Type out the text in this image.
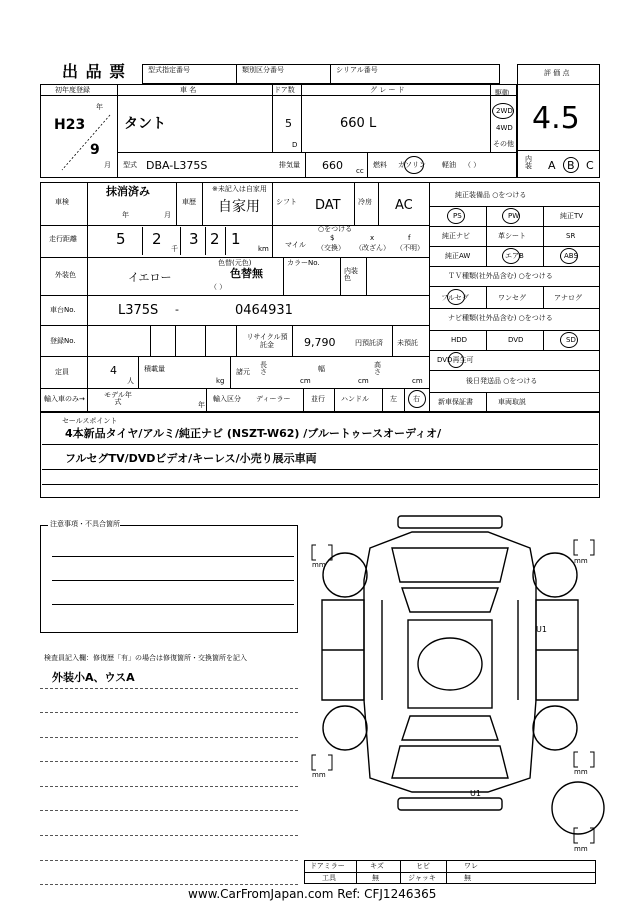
出 品 票	型式指定番号	類別区分番号	シリアル番号	評 価 点
4.5
内装 A B C
初年度登録
年
月
H23
9
車 名
タント
ドア数
5
D
グ レ ー ド
660 L
駆動
2WD
4WD
その他
型式 DBA-L375S	排気量 660 cc
燃料 ガソリン 軽油 （ ）
車検
抹消済み
年	月
車歴
※未記入は自家用
自家用 シフト DAT 冷房 AC
走行距離	5 2
千
3 2 1
km
○をつける
マイル
$
（交換）
x
（改ざん）
f
（不明）
外装色	イエロー
色替(元色)
色替無
（ ）
カラーNo.
内装色
車台No.	L375S -	0464931
登録No.	リサイクル預託金	9,790	円預託済 未預託
定員	4
人
積載量
kg
諸元
長さ
cm
幅
cm
高さ
cm
輸入車のみ→	モデル年式	年
輸入区分 ディーラー	並行 ハンドル	左 右
純正装備品 ○をつける
PS	PW	純正TV
純正ナビ	革シート	SR
純正AW	エアB	ABS
ＴＶ種類(社外品含む) ○をつける
フルセグ	ワンセグ	アナログ
ナビ種類(社外品含む) ○をつける
HDD	DVD	SD
DVD再生可
後日発送品 ○をつける
新車保証書	車両取説
セールスポイント
4本新品タイヤ/アルミ/純正ナビ (NSZT-W62) /ブルートゥースオーディオ/
フルセグTV/DVDビデオ/キーレス/小売り展示車両
注意事項・不具合箇所
検査員記入欄：修復歴「有」の場合は修復箇所・交換箇所を記入
外装小A、ウスA
mm	mm
mm	mm
mm
U1
U1
ドアミラー	キズ	ヒビ	ワレ
工具	無	ジャッキ	無
www.CarFromJapan.com Ref: CFJ1246365
